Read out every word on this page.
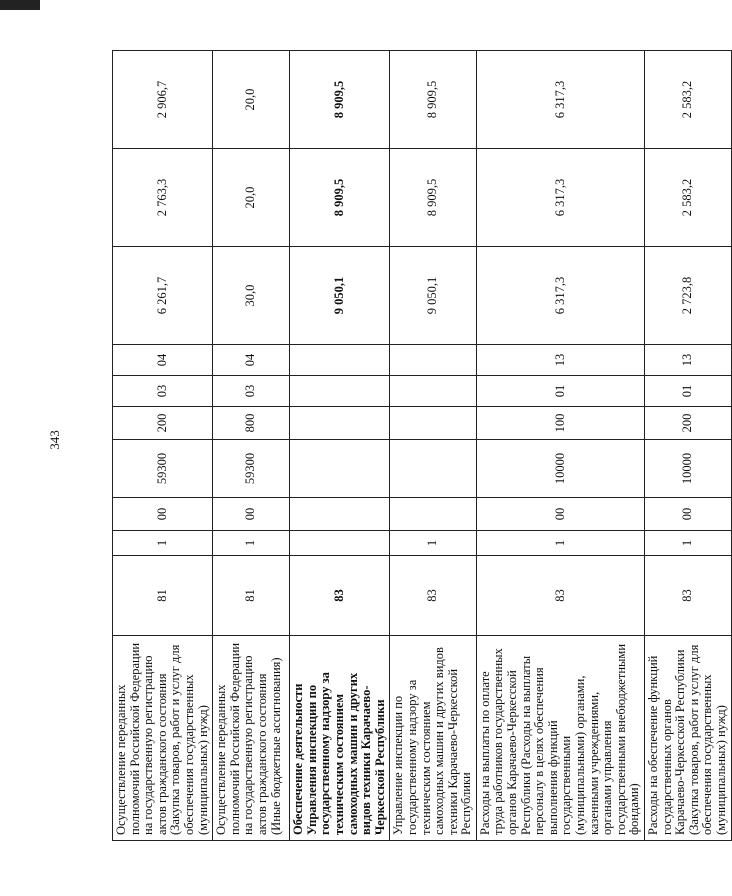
343
Осуществление переданных полномочий Российской Федерации на государственную регистрацию актов гражданского состояния (Закупка товаров, работ и услуг для обеспечения государственных (муниципальных) нужд)	81	1	00	59300	200	03	04	6 261,7	2 763,3	2 906,7
Осуществление переданных полномочий Российской Федерации на государственную регистрацию актов гражданского состояния (Иные бюджетные ассигнования)	81	1	00	59300	800	03	04	30,0	20,0	20,0
Обеспечение деятельности Управления инспекции по государственному надзору за техническим состоянием самоходных машин и других видов техники Карачаево-Черкесской Республики	83							9 050,1	8 909,5	8 909,5
Управление инспекции по государственному надзору за техническим состоянием самоходных машин и других видов техники Карачаево-Черкесской Республики	83	1						9 050,1	8 909,5	8 909,5
Расходы на выплаты по оплате труда работников государственных органов Карачаево-Черкесской Республики (Расходы на выплаты персоналу в целях обеспечения выполнения функций государственными (муниципальными) органами, казенными учреждениями, органами управления государственными внебюджетными фондами)	83	1	00	10000	100	01	13	6 317,3	6 317,3	6 317,3
Расходы на обеспечение функций государственных органов Карачаево-Черкесской Республики (Закупка товаров, работ и услуг для обеспечения государственных (муниципальных) нужд)	83	1	00	10000	200	01	13	2 723,8	2 583,2	2 583,2
